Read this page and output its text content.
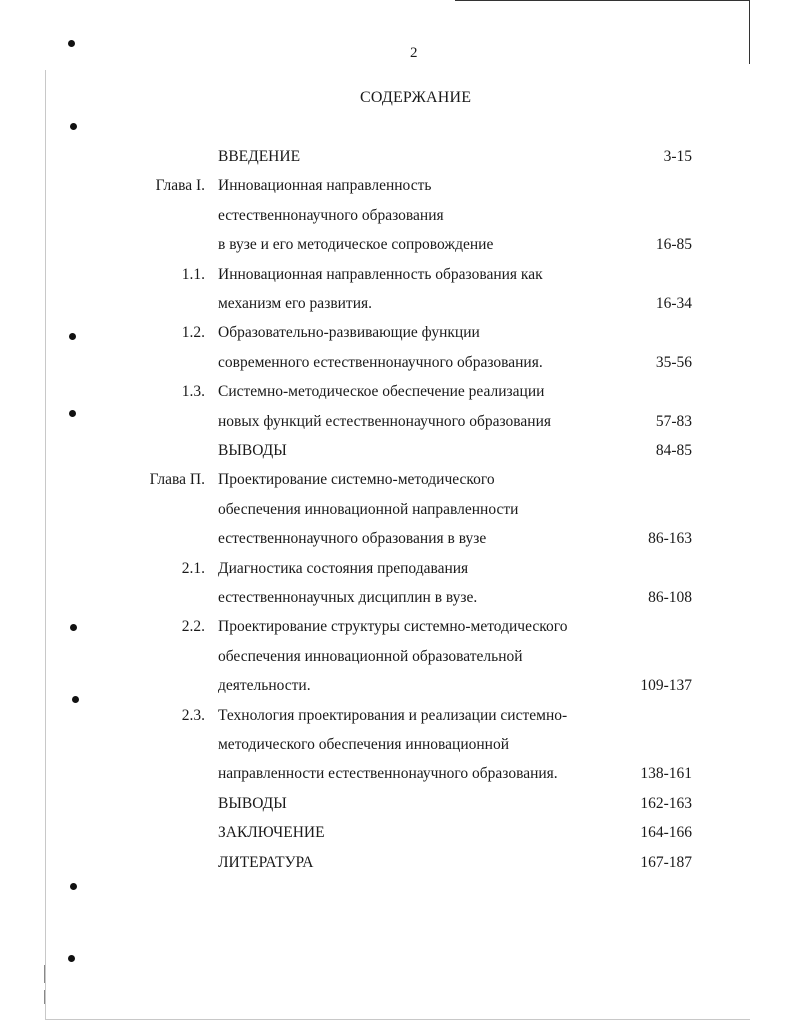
2
СОДЕРЖАНИЕ
ВВЕДЕНИЕ	3-15
Глава I. Инновационная направленность
естественнонаучного образования
в вузе и его методическое сопровождение	16-85
1.1. Инновационная направленность образования как
механизм его развития.	16-34
1.2. Образовательно-развивающие функции
современного естественнонаучного образования.	35-56
1.3. Системно-методическое обеспечение реализации
новых функций естественнонаучного образования	57-83
ВЫВОДЫ	84-85
Глава П. Проектирование системно-методического
обеспечения инновационной направленности
естественнонаучного образования в вузе	86-163
2.1. Диагностика состояния преподавания
естественнонаучных дисциплин в вузе.	86-108
2.2. Проектирование структуры системно-методического
обеспечения инновационной образовательной
деятельности.	109-137
2.3. Технология проектирования и реализации системно-
методического обеспечения инновационной
направленности естественнонаучного образования.	138-161
ВЫВОДЫ	162-163
ЗАКЛЮЧЕНИЕ	164-166
ЛИТЕРАТУРА	167-187
